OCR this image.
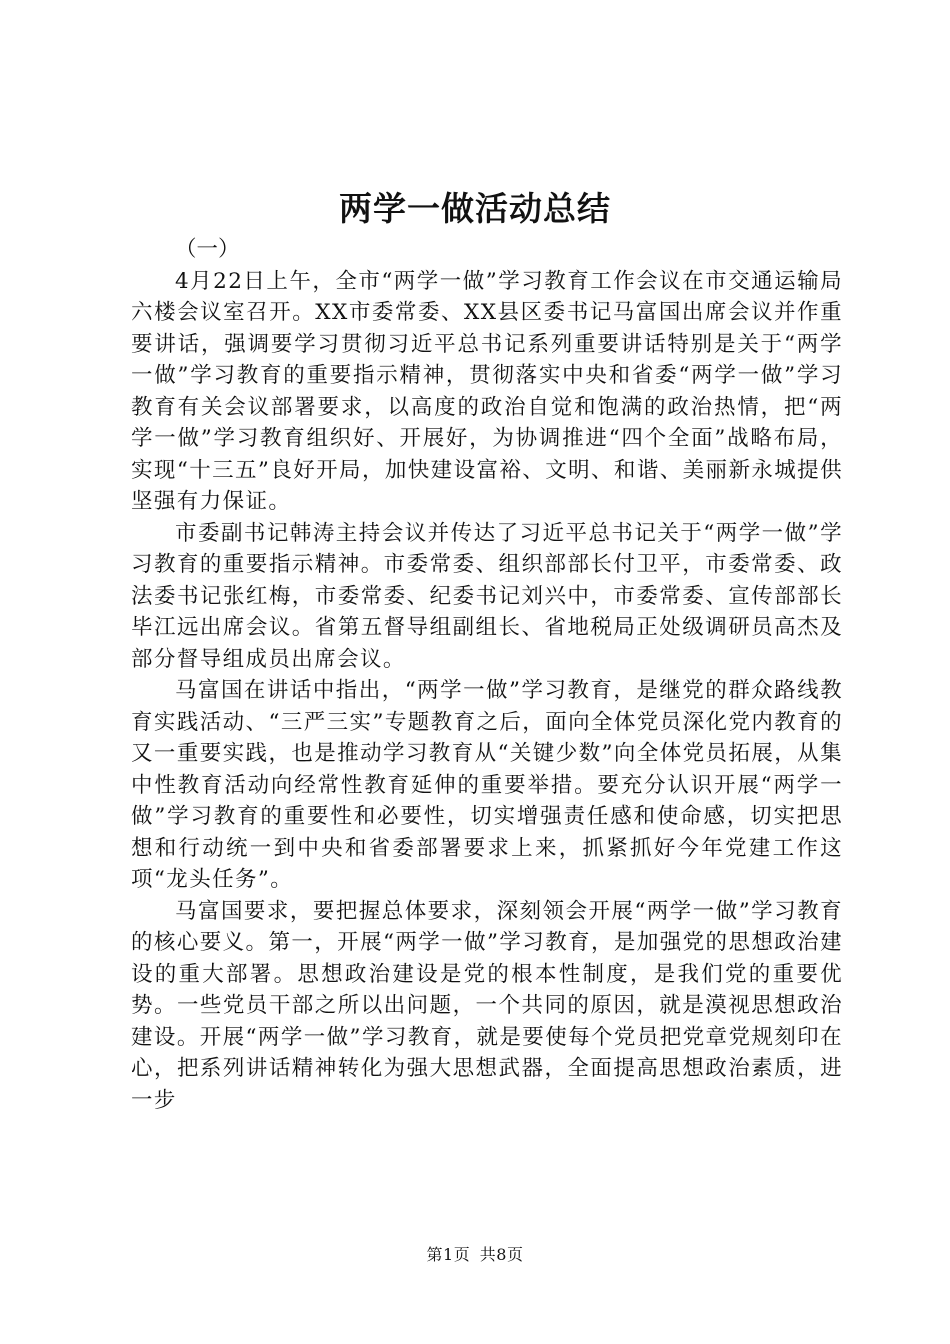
两学一做活动总结

（一）

4月22日上午，全市“两学一做”学习教育工作会议在市交通运输局六楼会议室召开。XX市委常委、XX县区委书记马富国出席会议并作重要讲话，强调要学习贯彻习近平总书记系列重要讲话特别是关于“两学一做”学习教育的重要指示精神，贯彻落实中央和省委“两学一做”学习教育有关会议部署要求，以高度的政治自觉和饱满的政治热情，把“两学一做”学习教育组织好、开展好，为协调推进“四个全面”战略布局，实现“十三五”良好开局，加快建设富裕、文明、和谐、美丽新永城提供坚强有力保证。

市委副书记韩涛主持会议并传达了习近平总书记关于“两学一做”学习教育的重要指示精神。市委常委、组织部部长付卫平，市委常委、政法委书记张红梅，市委常委、纪委书记刘兴中，市委常委、宣传部部长毕江远出席会议。省第五督导组副组长、省地税局正处级调研员高杰及部分督导组成员出席会议。

马富国在讲话中指出，“两学一做”学习教育，是继党的群众路线教育实践活动、“三严三实”专题教育之后，面向全体党员深化党内教育的又一重要实践，也是推动学习教育从“关键少数”向全体党员拓展，从集中性教育活动向经常性教育延伸的重要举措。要充分认识开展“两学一做”学习教育的重要性和必要性，切实增强责任感和使命感，切实把思想和行动统一到中央和省委部署要求上来，抓紧抓好今年党建工作这项“龙头任务”。

马富国要求，要把握总体要求，深刻领会开展“两学一做”学习教育的核心要义。第一，开展“两学一做”学习教育，是加强党的思想政治建设的重大部署。思想政治建设是党的根本性制度，是我们党的重要优势。一些党员干部之所以出问题，一个共同的原因，就是漠视思想政治建设。开展“两学一做”学习教育，就是要使每个党员把党章党规刻印在心，把系列讲话精神转化为强大思想武器，全面提高思想政治素质，进一步

第1页 共8页
